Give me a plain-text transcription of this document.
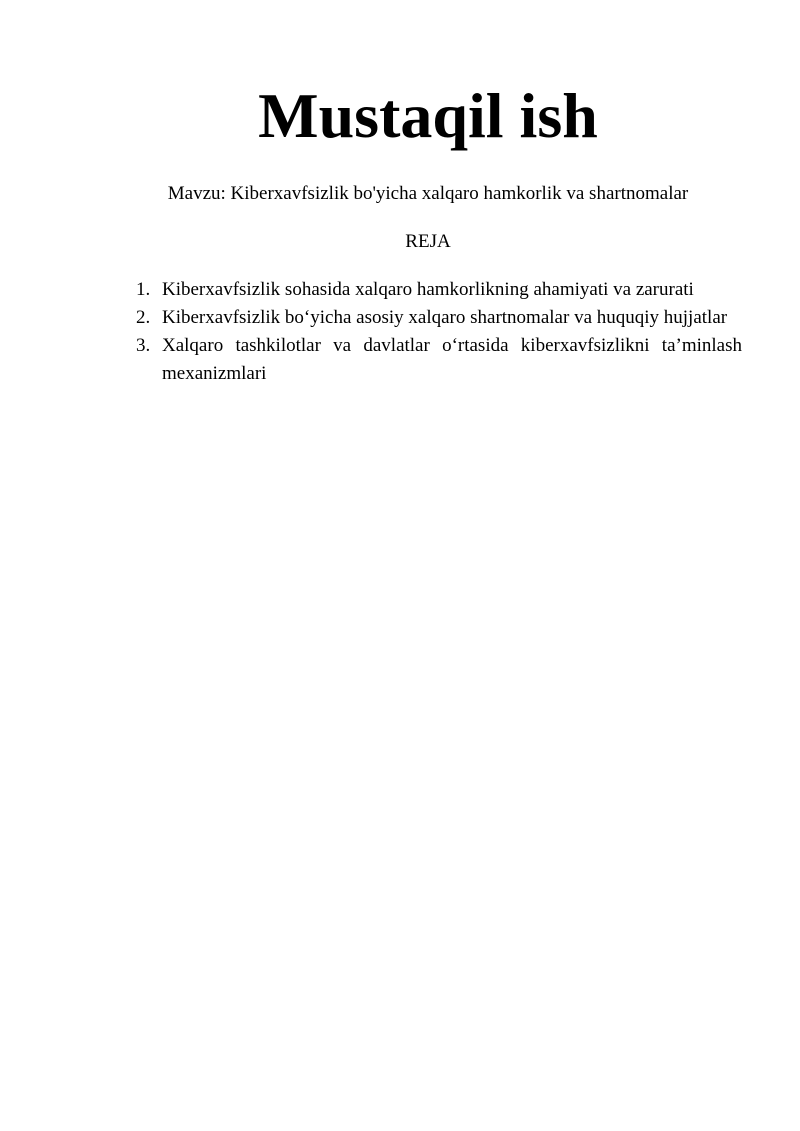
Mustaqil ish

Mavzu: Kiberxavfsizlik bo'yicha xalqaro hamkorlik va shartnomalar

REJA

1. Kiberxavfsizlik sohasida xalqaro hamkorlikning ahamiyati va zarurati
2. Kiberxavfsizlik bo‘yicha asosiy xalqaro shartnomalar va huquqiy hujjatlar
3. Xalqaro tashkilotlar va davlatlar o‘rtasida kiberxavfsizlikni ta’minlash mexanizmlari
